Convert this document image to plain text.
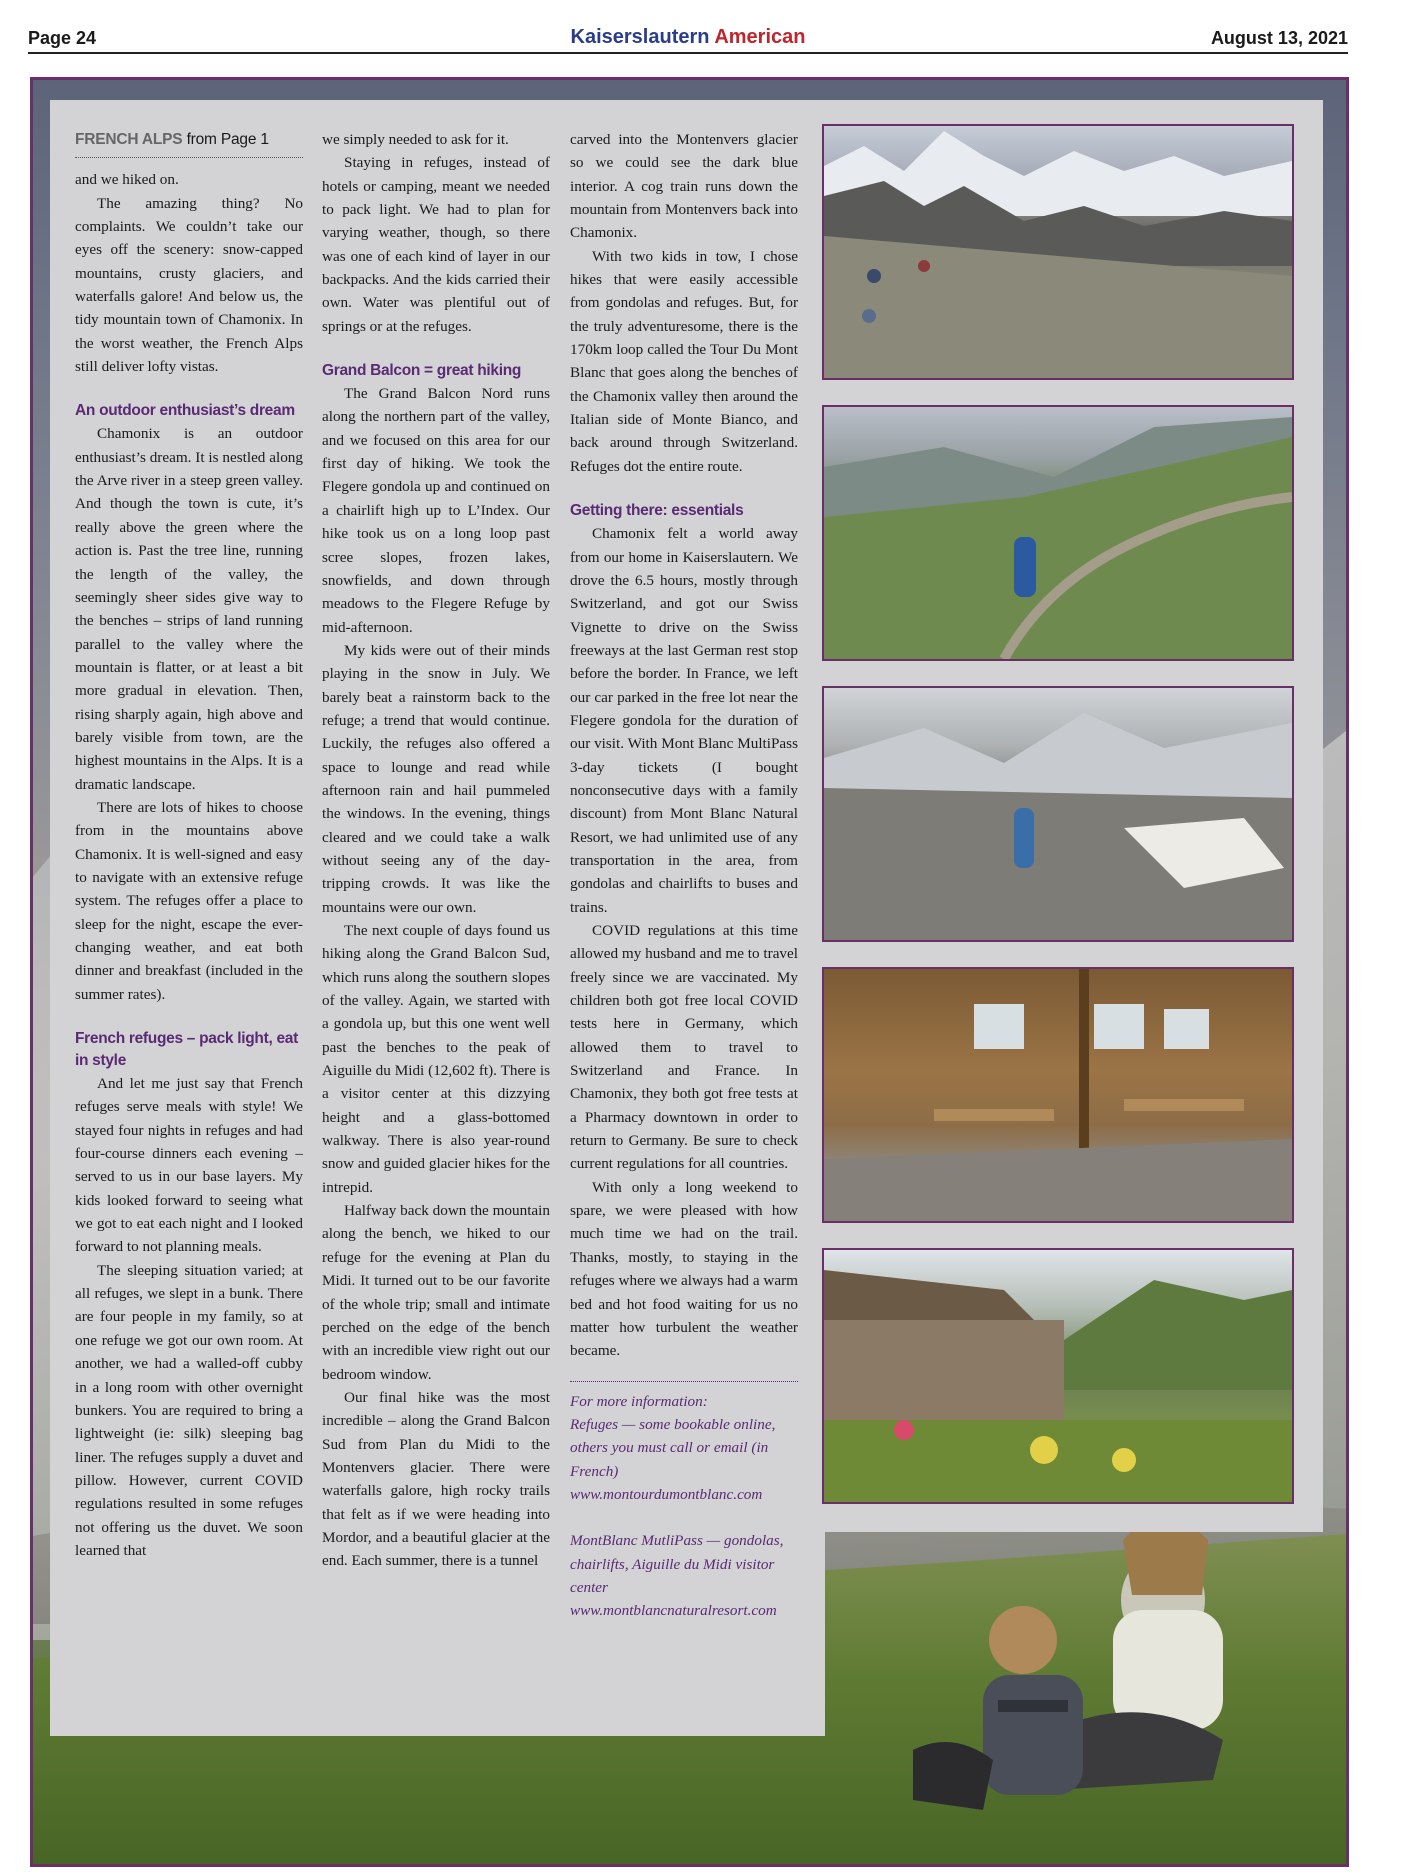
Page 24	Kaiserslautern American	August 13, 2021

FRENCH ALPS from Page 1

and we hiked on.

The amazing thing? No complaints. We couldn’t take our eyes off the scenery: snow-capped mountains, crusty glaciers, and waterfalls galore! And below us, the tidy mountain town of Chamonix. In the worst weather, the French Alps still deliver lofty vistas.

An outdoor enthusiast’s dream

Chamonix is an outdoor enthusiast’s dream. It is nestled along the Arve river in a steep green valley. And though the town is cute, it’s really above the green where the action is. Past the tree line, running the length of the valley, the seemingly sheer sides give way to the benches – strips of land running parallel to the valley where the mountain is flatter, or at least a bit more gradual in elevation. Then, rising sharply again, high above and barely visible from town, are the highest mountains in the Alps. It is a dramatic landscape.

There are lots of hikes to choose from in the mountains above Chamonix. It is well-signed and easy to navigate with an extensive refuge system. The refuges offer a place to sleep for the night, escape the ever-changing weather, and eat both dinner and breakfast (included in the summer rates).

French refuges – pack light, eat in style

And let me just say that French refuges serve meals with style! We stayed four nights in refuges and had four-course dinners each evening – served to us in our base layers. My kids looked forward to seeing what we got to eat each night and I looked forward to not planning meals.

The sleeping situation varied; at all refuges, we slept in a bunk. There are four people in my family, so at one refuge we got our own room. At another, we had a walled-off cubby in a long room with other overnight bunkers. You are required to bring a lightweight (ie: silk) sleeping bag liner. The refuges supply a duvet and pillow. However, current COVID regulations resulted in some refuges not offering us the duvet. We soon learned that

we simply needed to ask for it.

Staying in refuges, instead of hotels or camping, meant we needed to pack light. We had to plan for varying weather, though, so there was one of each kind of layer in our backpacks. And the kids carried their own. Water was plentiful out of springs or at the refuges.

Grand Balcon = great hiking

The Grand Balcon Nord runs along the northern part of the valley, and we focused on this area for our first day of hiking. We took the Flegere gondola up and continued on a chairlift high up to L’Index. Our hike took us on a long loop past scree slopes, frozen lakes, snowfields, and down through meadows to the Flegere Refuge by mid-afternoon.

My kids were out of their minds playing in the snow in July. We barely beat a rainstorm back to the refuge; a trend that would continue. Luckily, the refuges also offered a space to lounge and read while afternoon rain and hail pummeled the windows. In the evening, things cleared and we could take a walk without seeing any of the day-tripping crowds. It was like the mountains were our own.

The next couple of days found us hiking along the Grand Balcon Sud, which runs along the southern slopes of the valley. Again, we started with a gondola up, but this one went well past the benches to the peak of Aiguille du Midi (12,602 ft). There is a visitor center at this dizzying height and a glass-bottomed walkway. There is also year-round snow and guided glacier hikes for the intrepid.

Halfway back down the mountain along the bench, we hiked to our refuge for the evening at Plan du Midi. It turned out to be our favorite of the whole trip; small and intimate perched on the edge of the bench with an incredible view right out our bedroom window.

Our final hike was the most incredible – along the Grand Balcon Sud from Plan du Midi to the Montenvers glacier. There were waterfalls galore, high rocky trails that felt as if we were heading into Mordor, and a beautiful glacier at the end. Each summer, there is a tunnel

carved into the Montenvers glacier so we could see the dark blue interior. A cog train runs down the mountain from Montenvers back into Chamonix.

With two kids in tow, I chose hikes that were easily accessible from gondolas and refuges. But, for the truly adventuresome, there is the 170km loop called the Tour Du Mont Blanc that goes along the benches of the Chamonix valley then around the Italian side of Monte Bianco, and back around through Switzerland. Refuges dot the entire route.

Getting there: essentials

Chamonix felt a world away from our home in Kaiserslautern. We drove the 6.5 hours, mostly through Switzerland, and got our Swiss Vignette to drive on the Swiss freeways at the last German rest stop before the border. In France, we left our car parked in the free lot near the Flegere gondola for the duration of our visit. With Mont Blanc MultiPass 3-day tickets (I bought nonconsecutive days with a family discount) from Mont Blanc Natural Resort, we had unlimited use of any transportation in the area, from gondolas and chairlifts to buses and trains.

COVID regulations at this time allowed my husband and me to travel freely since we are vaccinated. My children both got free local COVID tests here in Germany, which allowed them to travel to Switzerland and France. In Chamonix, they both got free tests at a Pharmacy downtown in order to return to Germany. Be sure to check current regulations for all countries.

With only a long weekend to spare, we were pleased with how much time we had on the trail. Thanks, mostly, to staying in the refuges where we always had a warm bed and hot food waiting for us no matter how turbulent the weather became.

For more information:

Refuges — some bookable online, others you must call or email (in French)

www.montourdumontblanc.com

MontBlanc MutliPass — gondolas, chairlifts, Aiguille du Midi visitor center

www.montblancnaturalresort.com
